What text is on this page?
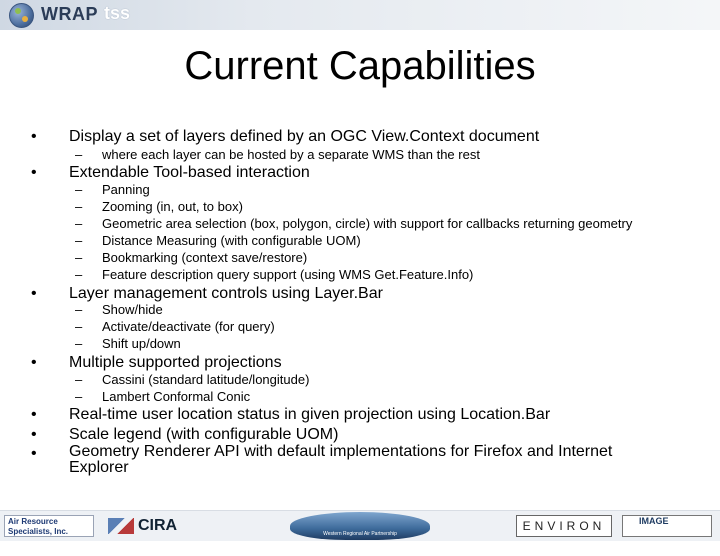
WRAP tss
Current Capabilities
• Display a set of layers defined by an OGC View.Context document
– where each layer can be hosted by a separate WMS than the rest
• Extendable Tool-based interaction
– Panning
– Zooming (in, out, to box)
– Geometric area selection (box, polygon, circle) with support for callbacks returning geometry
– Distance Measuring (with configurable UOM)
– Bookmarking (context save/restore)
– Feature description query support (using WMS Get.Feature.Info)
• Layer management controls using Layer.Bar
– Show/hide
– Activate/deactivate (for query)
– Shift up/down
• Multiple supported projections
– Cassini (standard latitude/longitude)
– Lambert Conformal Conic
• Real-time user location status in given projection using Location.Bar
• Scale legend (with configurable UOM)
• Geometry Renderer API with default implementations for Firefox and Internet Explorer
Air Resource Specialists, Inc.	CIRA	Western Regional Air Partnership
ENVIRON	IMAGE
